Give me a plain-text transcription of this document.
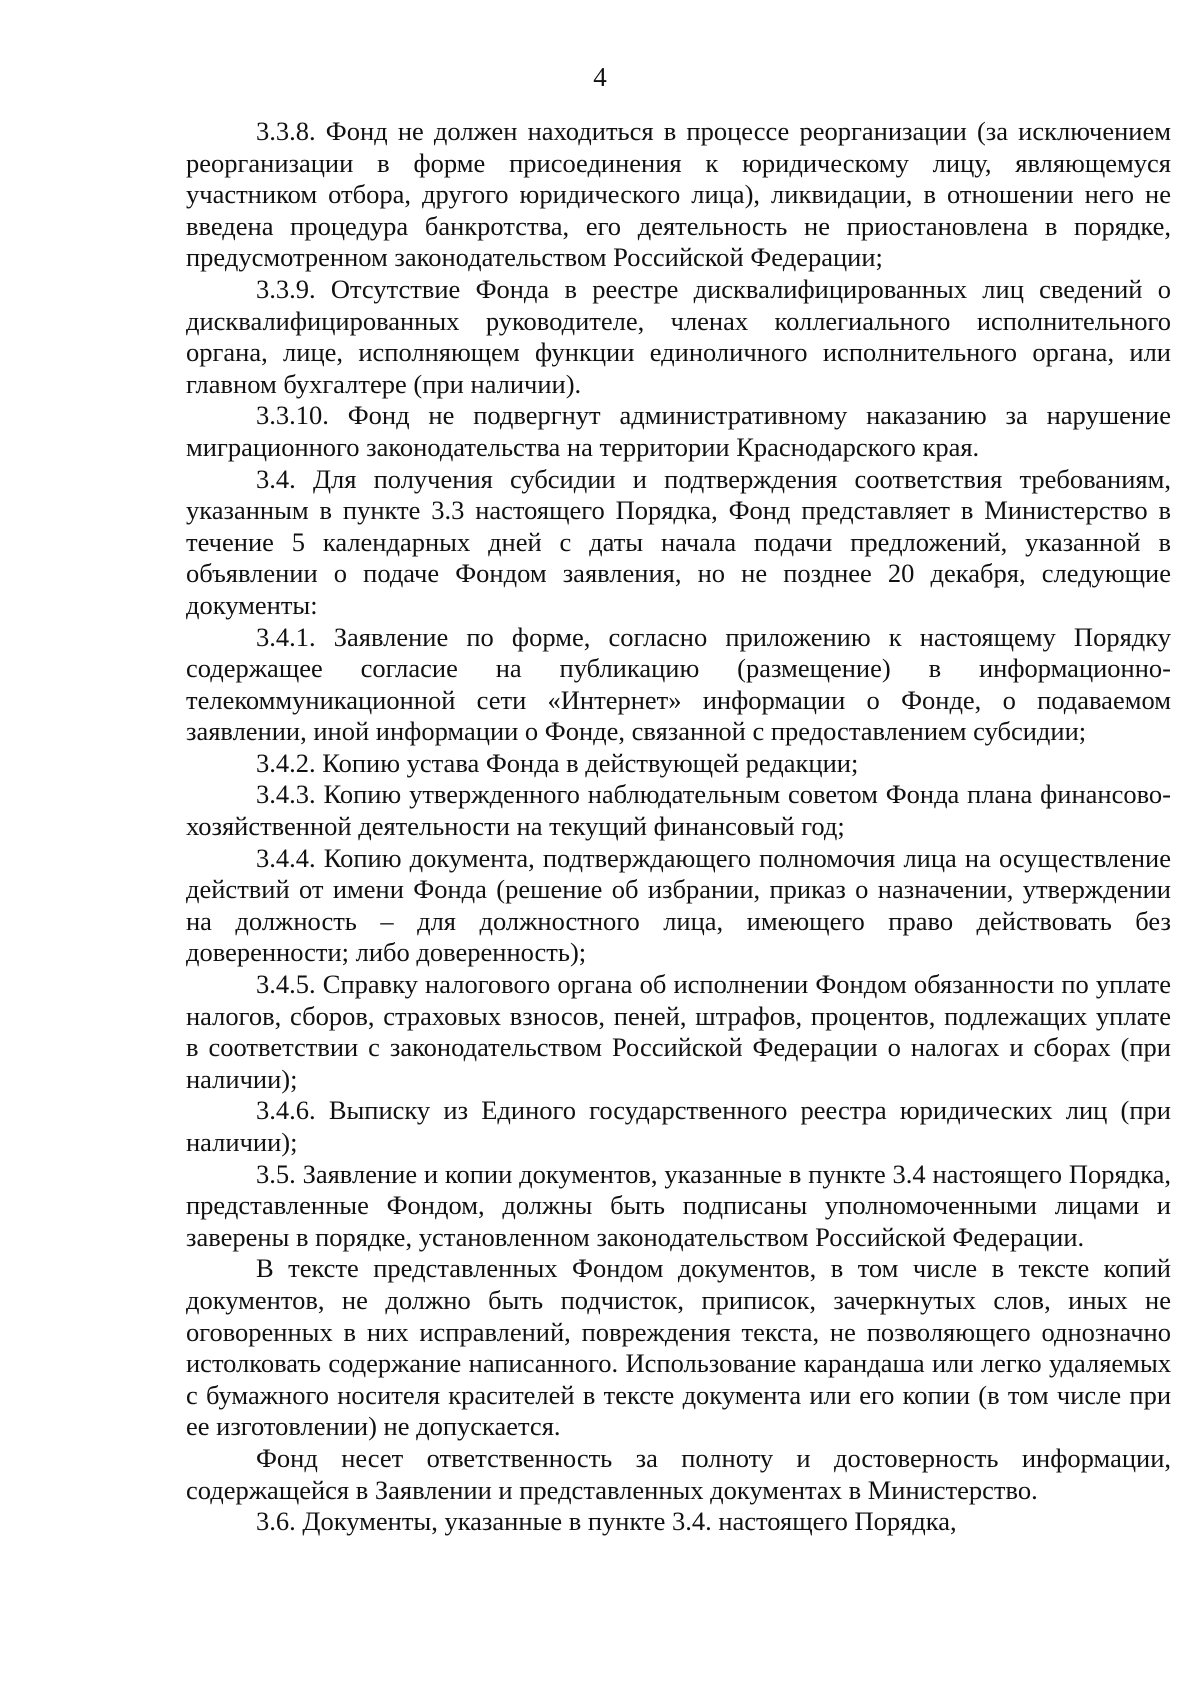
4

3.3.8. Фонд не должен находиться в процессе реорганизации (за исключением реорганизации в форме присоединения к юридическому лицу, являющемуся участником отбора, другого юридического лица), ликвидации, в отношении него не введена процедура банкротства, его деятельность не приостановлена в порядке, предусмотренном законодательством Российской Федерации;

3.3.9. Отсутствие Фонда в реестре дисквалифицированных лиц сведений о дисквалифицированных руководителе, членах коллегиального исполнительного органа, лице, исполняющем функции единоличного исполнительного органа, или главном бухгалтере (при наличии).

3.3.10. Фонд не подвергнут административному наказанию за нарушение миграционного законодательства на территории Краснодарского края.

3.4. Для получения субсидии и подтверждения соответствия требованиям, указанным в пункте 3.3 настоящего Порядка, Фонд представляет в Министерство в течение 5 календарных дней с даты начала подачи предложений, указанной в объявлении о подаче Фондом заявления, но не позднее 20 декабря, следующие документы:

3.4.1. Заявление по форме, согласно приложению к настоящему Порядку содержащее согласие на публикацию (размещение) в информационно-телекоммуникационной сети «Интернет» информации о Фонде, о подаваемом заявлении, иной информации о Фонде, связанной с предоставлением субсидии;

3.4.2. Копию устава Фонда в действующей редакции;

3.4.3. Копию утвержденного наблюдательным советом Фонда плана финансово-хозяйственной деятельности на текущий финансовый год;

3.4.4. Копию документа, подтверждающего полномочия лица на осуществление действий от имени Фонда (решение об избрании, приказ о назначении, утверждении на должность – для должностного лица, имеющего право действовать без доверенности; либо доверенность);

3.4.5. Справку налогового органа об исполнении Фондом обязанности по уплате налогов, сборов, страховых взносов, пеней, штрафов, процентов, подлежащих уплате в соответствии с законодательством Российской Федерации о налогах и сборах (при наличии);

3.4.6. Выписку из Единого государственного реестра юридических лиц (при наличии);

3.5. Заявление и копии документов, указанные в пункте 3.4 настоящего Порядка, представленные Фондом, должны быть подписаны уполномоченными лицами и заверены в порядке, установленном законодательством Российской Федерации.

В тексте представленных Фондом документов, в том числе в тексте копий документов, не должно быть подчисток, приписок, зачеркнутых слов, иных не оговоренных в них исправлений, повреждения текста, не позволяющего однозначно истолковать содержание написанного. Использование карандаша или легко удаляемых с бумажного носителя красителей в тексте документа или его копии (в том числе при ее изготовлении) не допускается.

Фонд несет ответственность за полноту и достоверность информации, содержащейся в Заявлении и представленных документах в Министерство.

3.6. Документы, указанные в пункте 3.4. настоящего Порядка,
